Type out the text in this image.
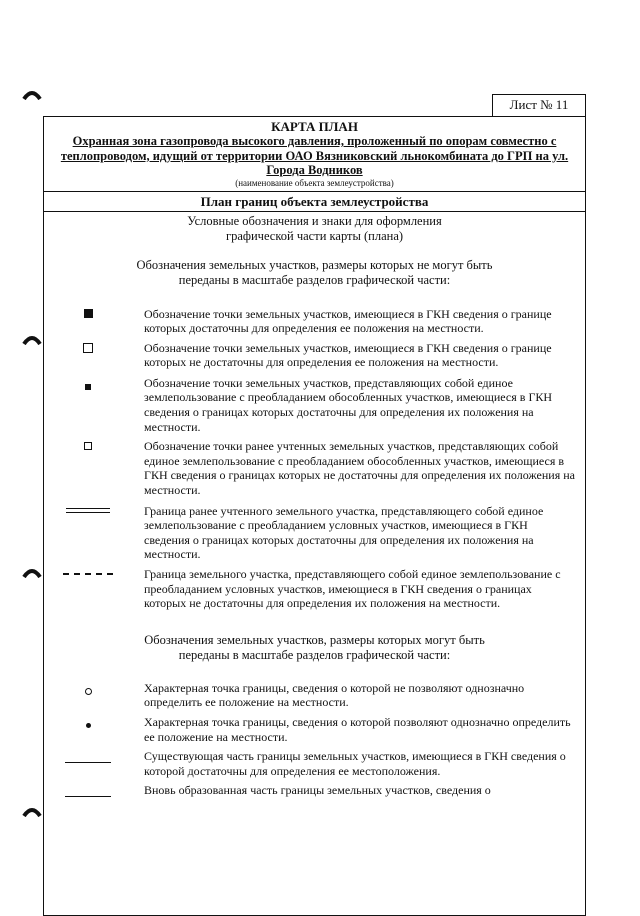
Лист № 11
КАРТА ПЛАН
Охранная зона газопровода высокого давления, проложенный по опорам совместно с теплопроводом, идущий от территории ОАО Вязниковский льнокомбината до ГРП на ул. Города Водников
(наименование объекта землеустройства)
План границ объекта землеустройства
Условные обозначения и знаки для оформления
графической части карты (плана)
Обозначения земельных участков, размеры которых не могут быть
переданы в масштабе разделов графической части:
Обозначение точки земельных участков, имеющиеся в ГКН сведения о границе которых достаточны для определения ее положения на местности.
Обозначение точки земельных участков, имеющиеся в ГКН сведения о границе которых не достаточны для определения ее положения на местности.
Обозначение точки земельных участков, представляющих собой единое землепользование с преобладанием обособленных участков, имеющиеся в ГКН сведения о границах которых достаточны для определения их положения на местности.
Обозначение точки ранее учтенных земельных участков, представляющих собой единое землепользование с преобладанием обособленных участков, имеющиеся в ГКН сведения о границах которых не достаточны для определения их положения на местности.
Граница ранее учтенного земельного участка, представляющего собой единое землепользование с преобладанием условных участков, имеющиеся в ГКН сведения о границах которых достаточны для определения их положения на местности.
Граница земельного участка, представляющего собой единое землепользование с преобладанием условных участков, имеющиеся в ГКН сведения о границах которых не достаточны для определения их положения на местности.
Обозначения земельных участков, размеры которых могут быть
переданы в масштабе разделов графической части:
Характерная точка границы, сведения о которой не позволяют однозначно определить ее положение на местности.
Характерная точка границы, сведения о которой позволяют однозначно определить ее положение на местности.
Существующая часть границы земельных участков, имеющиеся в ГКН сведения о которой достаточны для определения ее местоположения.
Вновь образованная часть границы земельных участков, сведения о
